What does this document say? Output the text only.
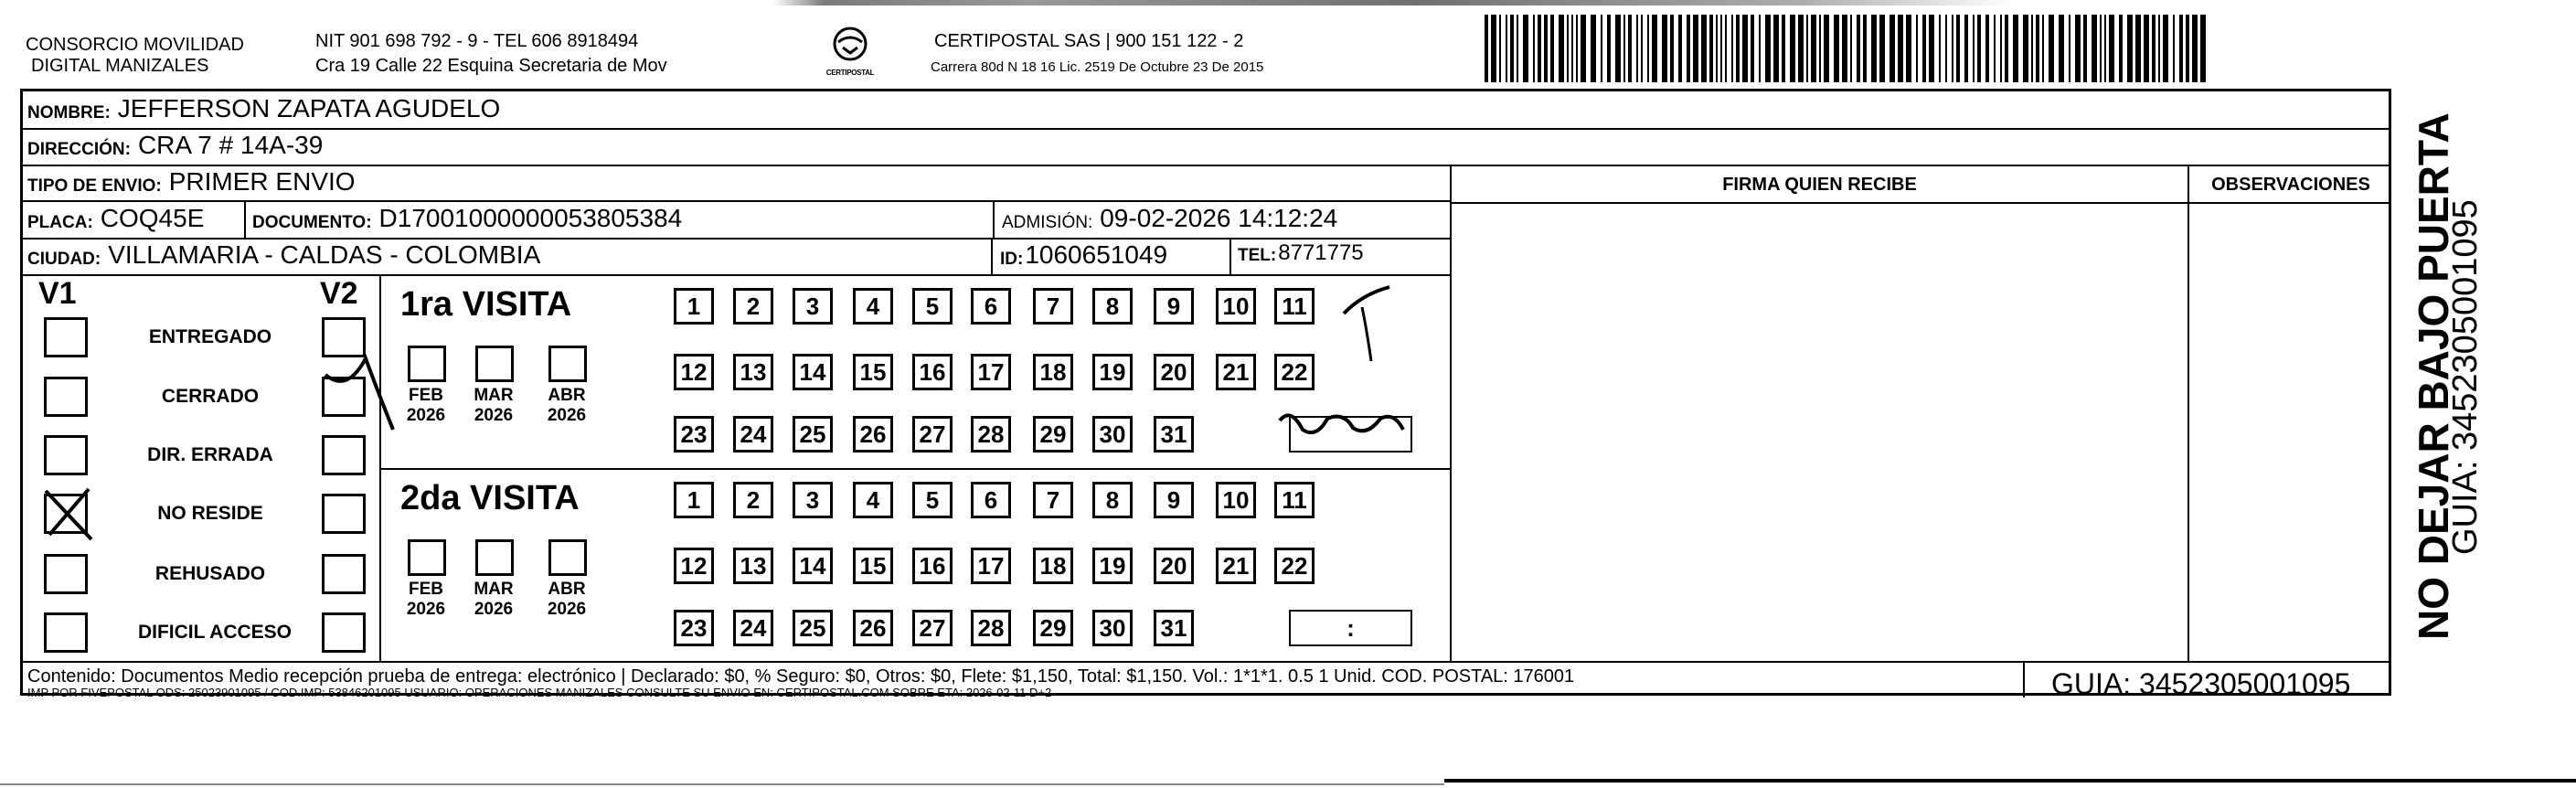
CONSORCIO MOVILIDAD
DIGITAL MANIZALES
NIT 901 698 792 - 9 - TEL 606 8918494
Cra 19 Calle 22 Esquina Secretaria de Mov	CERTIPOSTAL
CERTIPOSTAL SAS | 900 151 122 - 2
Carrera 80d N 18 16 Lic. 2519 De Octubre 23 De 2015
NOMBRE: JEFFERSON ZAPATA AGUDELO
DIRECCIÓN: CRA 7 # 14A-39
TIPO DE ENVIO: PRIMER ENVIO
PLACA: COQ45E	DOCUMENTO: D17001000000053805384	ADMISIÓN: 09-02-2026 14:12:24
CIUDAD: VILLAMARIA - CALDAS - COLOMBIA	ID: 1060651049	TEL: 8771775
FIRMA QUIEN RECIBE	OBSERVACIONES
V1	V2
ENTREGADO
CERRADO
DIR. ERRADA
NO RESIDE
REHUSADO
DIFICIL ACCESO
1ra VISITA
FEB
2026
MAR
2026
ABR
2026
1	2	3	4	5	6	7	8	9	10	11
12 13 14 15 16 17 18 19 20 21 22
23 24 25 26 27 28 29 30 31
2da VISITA
FEB
2026
MAR
2026
ABR
2026
1	2	3	4	5	6	7	8	9	10	11
12 13 14 15 16 17 18 19 20 21 22
23 24 25 26 27 28 29 30 31	:
Contenido: Documentos Medio recepción prueba de entrega: electrónico | Declarado: $0, % Seguro: $0, Otros: $0, Flete: $1,150, Total: $1,150. Vol.: 1*1*1. 0.5 1 Unid. COD. POSTAL: 176001
IMP POR FIVEPOSTAL ODS: 25023901095 / COD.IMP: 53846201095 USUARIO: OPERACIONES MANIZALES CONSULTE SU ENVIO EN: CERTIPOSTAL.COM SOBRE ETA: 2026-02-11 D+2	GUIA: 3452305001095
NO DEJAR BAJO PUERTA
GUIA: 3452305001095
